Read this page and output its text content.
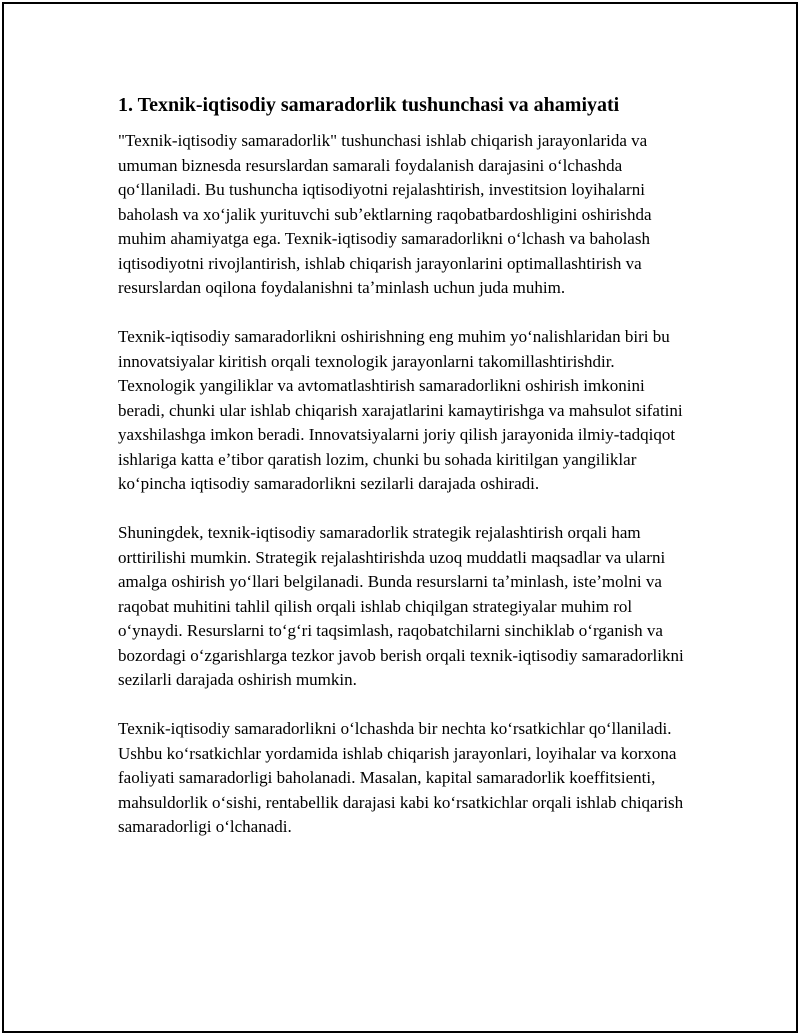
1. Texnik-iqtisodiy samaradorlik tushunchasi va ahamiyati

"Texnik-iqtisodiy samaradorlik" tushunchasi ishlab chiqarish jarayonlarida va umuman biznesda resurslardan samarali foydalanish darajasini oʻlchashda qoʻllaniladi. Bu tushuncha iqtisodiyotni rejalashtirish, investitsion loyihalarni baholash va xoʻjalik yurituvchi subʼektlarning raqobatbardoshligini oshirishda muhim ahamiyatga ega. Texnik-iqtisodiy samaradorlikni oʻlchash va baholash iqtisodiyotni rivojlantirish, ishlab chiqarish jarayonlarini optimallashtirish va resurslardan oqilona foydalanishni taʼminlash uchun juda muhim.

Texnik-iqtisodiy samaradorlikni oshirishning eng muhim yoʻnalishlaridan biri bu innovatsiyalar kiritish orqali texnologik jarayonlarni takomillashtirishdir. Texnologik yangiliklar va avtomatlashtirish samaradorlikni oshirish imkonini beradi, chunki ular ishlab chiqarish xarajatlarini kamaytirishga va mahsulot sifatini yaxshilashga imkon beradi. Innovatsiyalarni joriy qilish jarayonida ilmiy-tadqiqot ishlariga katta eʼtibor qaratish lozim, chunki bu sohada kiritilgan yangiliklar koʻpincha iqtisodiy samaradorlikni sezilarli darajada oshiradi.

Shuningdek, texnik-iqtisodiy samaradorlik strategik rejalashtirish orqali ham orttirilishi mumkin. Strategik rejalashtirishda uzoq muddatli maqsadlar va ularni amalga oshirish yoʻllari belgilanadi. Bunda resurslarni taʼminlash, isteʼmolni va raqobat muhitini tahlil qilish orqali ishlab chiqilgan strategiyalar muhim rol oʻynaydi. Resurslarni toʻgʻri taqsimlash, raqobatchilarni sinchiklab oʻrganish va bozordagi oʻzgarishlarga tezkor javob berish orqali texnik-iqtisodiy samaradorlikni sezilarli darajada oshirish mumkin.

Texnik-iqtisodiy samaradorlikni oʻlchashda bir nechta koʻrsatkichlar qoʻllaniladi. Ushbu koʻrsatkichlar yordamida ishlab chiqarish jarayonlari, loyihalar va korxona faoliyati samaradorligi baholanadi. Masalan, kapital samaradorlik koeffitsienti, mahsuldorlik oʻsishi, rentabellik darajasi kabi koʻrsatkichlar orqali ishlab chiqarish samaradorligi oʻlchanadi.
